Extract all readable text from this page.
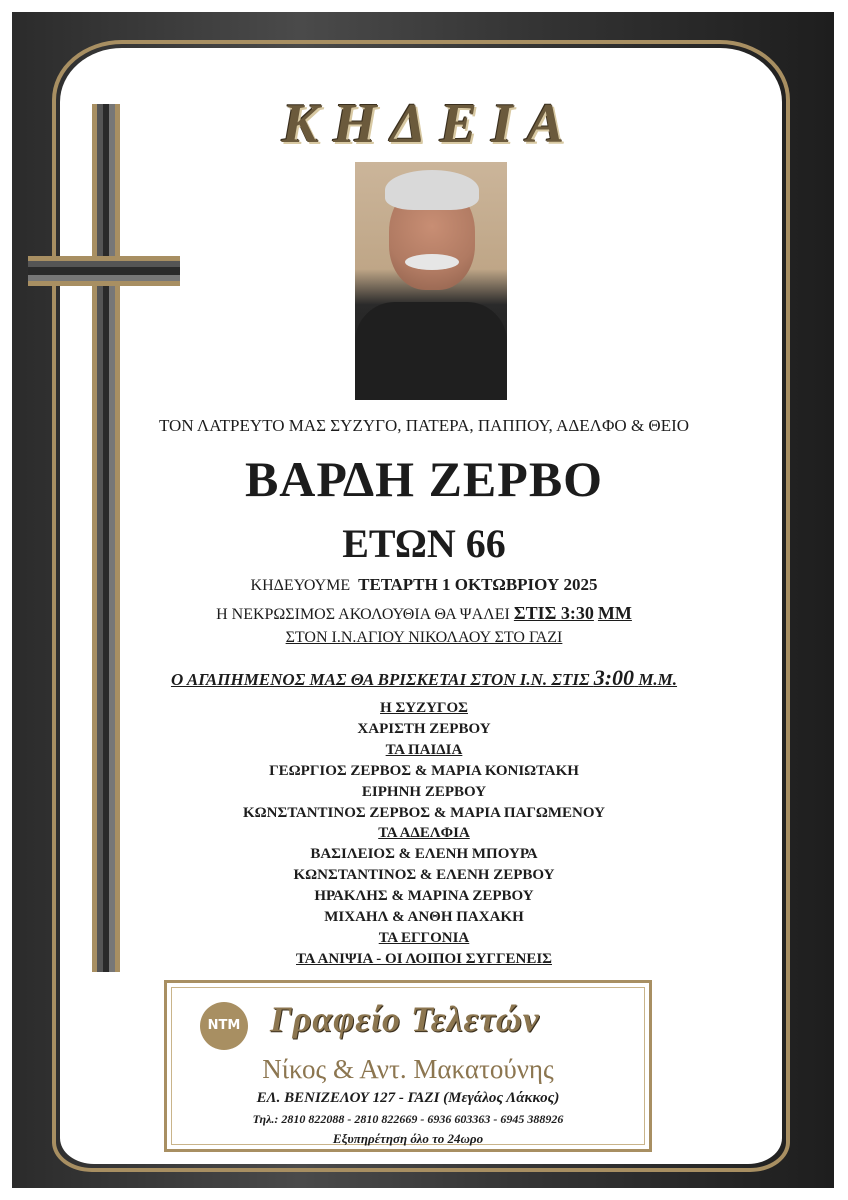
ΚΗΔΕΙΑ
ΤΟΝ ΛΑΤΡΕΥΤΟ ΜΑΣ ΣΥΖΥΓΟ, ΠΑΤΕΡΑ, ΠΑΠΠΟΥ, ΑΔΕΛΦΟ & ΘΕΙΟ
ΒΑΡΔΗ ΖΕΡΒΟ
ΕΤΩΝ 66
ΚΗΔΕΥΟΥΜΕ ΤΕΤΑΡΤΗ 1 ΟΚΤΩΒΡΙΟΥ 2025
Η ΝΕΚΡΩΣΙΜΟΣ ΑΚΟΛΟΥΘΙΑ ΘΑ ΨΑΛΕΙ ΣΤΙΣ 3:30 ΜΜ
ΣΤΟΝ Ι.Ν.ΑΓΙΟΥ ΝΙΚΟΛΑΟΥ ΣΤΟ ΓΑΖΙ
Ο ΑΓΑΠΗΜΕΝΟΣ ΜΑΣ ΘΑ ΒΡΙΣΚΕΤΑΙ ΣΤΟΝ Ι.Ν. ΣΤΙΣ 3:00 Μ.Μ.
Η ΣΥΖΥΓΟΣ
ΧΑΡΙΣΤΗ ΖΕΡΒΟΥ
ΤΑ ΠΑΙΔΙΑ
ΓΕΩΡΓΙΟΣ ΖΕΡΒΟΣ & ΜΑΡΙΑ ΚΟΝΙΩΤΑΚΗ
ΕΙΡΗΝΗ ΖΕΡΒΟΥ
ΚΩΝΣΤΑΝΤΙΝΟΣ ΖΕΡΒΟΣ & ΜΑΡΙΑ ΠΑΓΩΜΕΝΟΥ
ΤΑ ΑΔΕΛΦΙΑ
ΒΑΣΙΛΕΙΟΣ & ΕΛΕΝΗ ΜΠΟΥΡΑ
ΚΩΝΣΤΑΝΤΙΝΟΣ & ΕΛΕΝΗ ΖΕΡΒΟΥ
ΗΡΑΚΛΗΣ & ΜΑΡΙΝΑ ΖΕΡΒΟΥ
ΜΙΧΑΗΛ & ΑΝΘΗ ΠΑΧΑΚΗ
ΤΑ ΕΓΓΟΝΙΑ
ΤΑ ΑΝΙΨΙΑ - ΟΙ ΛΟΙΠΟΙ ΣΥΓΓΕΝΕΙΣ
ΝΤΜ Γραφείο Τελετών
Νίκος & Αντ. Μακατούνης
ΕΛ. ΒΕΝΙΖΕΛΟΥ 127 - ΓΑΖΙ (Μεγάλος Λάκκος)
Τηλ.: 2810 822088 - 2810 822669 - 6936 603363 - 6945 388926
Εξυπηρέτηση όλο το 24ωρο
